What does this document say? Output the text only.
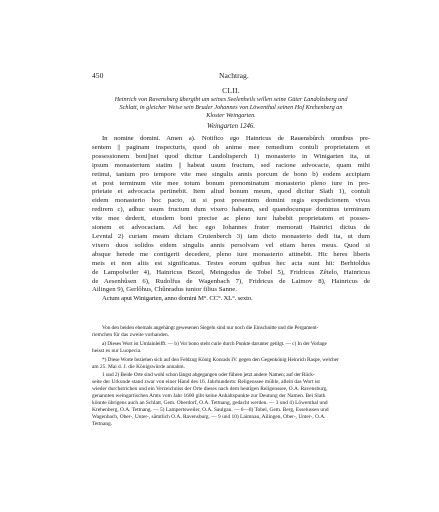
450	Nachtrag.
CLII.
Heinrich von Ravensburg übergibt um seines Seelenheils willen seine Güter Landoltsberg und
Schlatt, in gleicher Weise sein Bruder Johannes von Löwenthal seinen Hof Krehenberg an
Kloster Weingarten.
Weingarten 1246.
In nomine domini. Amen a). Notifico ego Hainricus de Rauensbůrch omnibus pre-
sentem || paginam inspecturis, quod ob anime mee remedium contuli proprietatem et
possessionem boni||nei quod dicitur Landoltsperch 1) monasterio in Winigarten ita, ut
ipsum monasterium statim || habeat usum fructum, sed racione advocacie, quam mihi
retinui, tantum pro tempore vite mee singulis annis porcum de bono b) eodem accipiam
et post terminum vite mee totum bonum prenominatum monasterio pleno iure in pro-
prietate et advocacia pertinebit. Item aliud bonum meum, quod dicitur Slath 1), contuli
eidem monasterio hoc pacto, ut si post presentem domini regis expedicionem vivus
redirem c), adhuc usum fructum dum vixero habeam, sed quandocunque dominus terminum
vite mee dederit, eiusdem boni precise ac pleno iure habebit proprietatem et posses-
sionem et advocaciam. Ad hec ego Iohannes frater memorati Hainrici dictus de
Levntal 2) curiam meam dictam Cruienberch 3) iam dicto monasterio dedi ita, ut dum
vixero duos solidos eidem singulis annis persolvam vel etiam heres meus. Quod si
absque herede me contigerit decedere, pleno iure monasterio attinebit. Hic heres liberis
meis et non aliis est significatus. Testes eorum quibus hec acta sunt hii: Berhtoldus
de Lampolwiler 4), Hainricus Bezel, Meingodus de Tobel 5), Fridricus Zêtelo, Hainricus
de Aesenhûsen 6), Rudolfus de Wagenbach 7), Fridricus de Laimov 8), Hainricus de
Ailingen 9), Gerlôhus, Chûnradus iunior filius Sanne.
Actum aput Winigarten, anno domini M°. CC°. XL°. sexto.
Von den beiden ehemals angehängt gewesenen Siegeln sind nur noch die Einschnitte und die Pergament-
riemchen für das zweite vorhanden.
a) Dieses Wort ist Umlainleifft. — b) Vor bono steht curie durch Punkte darunter getilgt. — c) In der Vorlage
heisst es nur Luopecia.
*) Diese Worte beziehen sich auf den Feldzug König Konrads IV. gegen den Gegenkönig Heinrich Raspe, welcher
am 25. Mai d. J. die Königswürde annahm.
1 und 2) Beide Orte sind wohl schon längst abgegangen oder führen jetzt andere Namen; auf der Rück-
seite der Urkunde stand zwar von einer Hand des 16. Jahrhunderts: Religenssee mühle, allein das Wort ist
wieder durchstrichen und ein Verzeichniss der Orte dieses nach dem heutigen Religenssee, O.A. Ravensburg,
genannten weingartischen Amts vom Jahr 1600 gibt keine Anhaltspunkte zur Deutung der Namen. Bei Slath
könnte übrigens auch an Schlatt, Gem. Oberdorf, O.A. Tettnang, gedacht werden. — 3 und 4) Löwenthal und
Krehenberg, O.A. Tettnang. — 5) Lampertsweiler, O.A. Saulgau. — 6—8) Tobel, Gem. Berg, Esselussen und
Wagenbach, Ober-, Unter-, sämtlich O.A. Ravensburg. — 9 und 10) Laimnau, Ailingen, Ober-, Unter-, O.A.
Tettnang.
